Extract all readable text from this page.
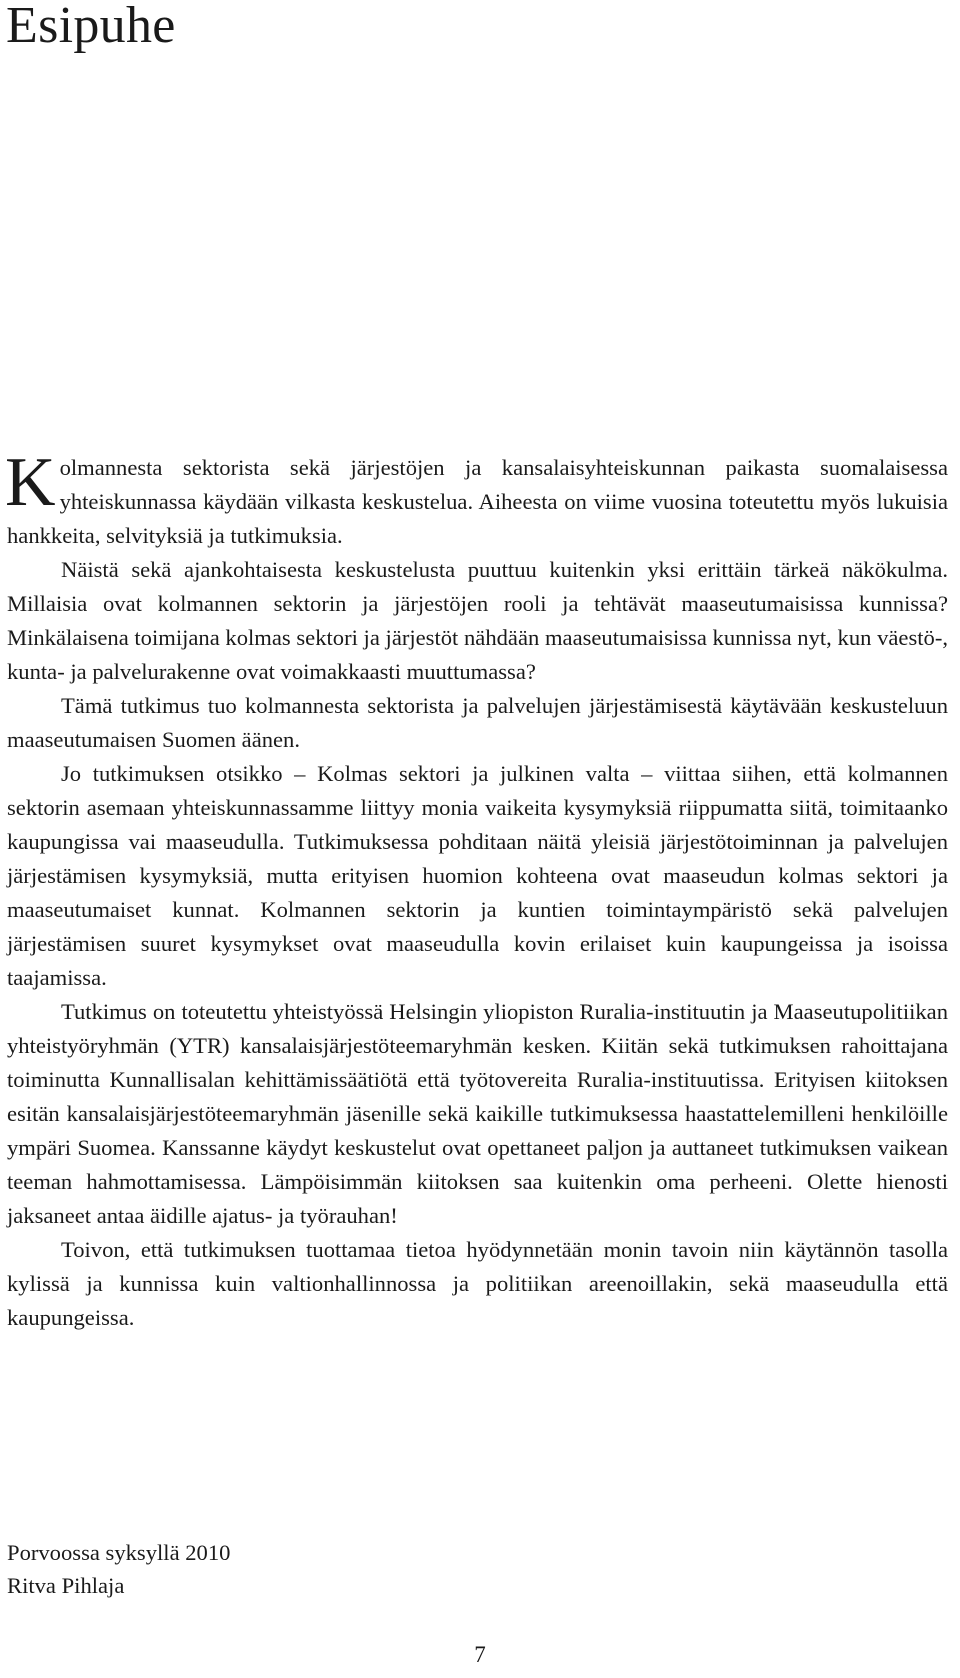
Esipuhe

Kolmannesta sektorista sekä järjestöjen ja kansalaisyhteiskunnan paikasta suomalaisessa yhteiskunnassa käydään vilkasta keskustelua. Aiheesta on viime vuosina toteutettu myös lukuisia hankkeita, selvityksiä ja tutkimuksia.

Näistä sekä ajankohtaisesta keskustelusta puuttuu kuitenkin yksi erittäin tärkeä näkökulma. Millaisia ovat kolmannen sektorin ja järjestöjen rooli ja tehtävät maaseutumaisissa kunnissa? Minkälaisena toimijana kolmas sektori ja järjestöt nähdään maaseutumaisissa kunnissa nyt, kun väestö-, kunta- ja palvelurakenne ovat voimakkaasti muuttumassa?

Tämä tutkimus tuo kolmannesta sektorista ja palvelujen järjestämisestä käytävään keskusteluun maaseutumaisen Suomen äänen.

Jo tutkimuksen otsikko – Kolmas sektori ja julkinen valta – viittaa siihen, että kolmannen sektorin asemaan yhteiskunnassamme liittyy monia vaikeita kysymyksiä riippumatta siitä, toimitaanko kaupungissa vai maaseudulla. Tutkimuksessa pohditaan näitä yleisiä järjestötoiminnan ja palvelujen järjestämisen kysymyksiä, mutta erityisen huomion kohteena ovat maaseudun kolmas sektori ja maaseutumaiset kunnat. Kolmannen sektorin ja kuntien toimintaympäristö sekä palvelujen järjestämisen suuret kysymykset ovat maaseudulla kovin erilaiset kuin kaupungeissa ja isoissa taajamissa.

Tutkimus on toteutettu yhteistyössä Helsingin yliopiston Ruralia-instituutin ja Maaseutupolitiikan yhteistyöryhmän (YTR) kansalaisjärjestöteemaryhmän kesken. Kiitän sekä tutkimuksen rahoittajana toiminutta Kunnallisalan kehittämissäätiötä että työtovereita Ruralia-instituutissa. Erityisen kiitoksen esitän kansalaisjärjestöteemaryhmän jäsenille sekä kaikille tutkimuksessa haastattelemilleni henkilöille ympäri Suomea. Kanssanne käydyt keskustelut ovat opettaneet paljon ja auttaneet tutkimuksen vaikean teeman hahmottamisessa. Lämpöisimmän kiitoksen saa kuitenkin oma perheeni. Olette hienosti jaksaneet antaa äidille ajatus- ja työrauhan!

Toivon, että tutkimuksen tuottamaa tietoa hyödynnetään monin tavoin niin käytännön tasolla kylissä ja kunnissa kuin valtionhallinnossa ja politiikan areenoillakin, sekä maaseudulla että kaupungeissa.

Porvoossa syksyllä 2010
Ritva Pihlaja
7
